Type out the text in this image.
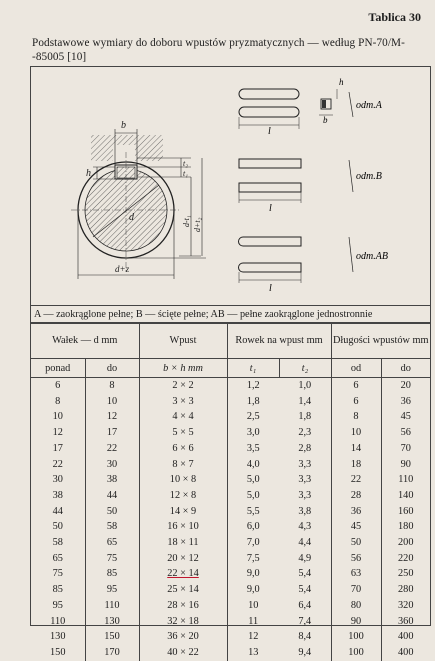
Tablica 30
Podstawowe wymiary do doboru wpustów pryzmatycznych — według PN-70/M--85005 [10]
b
t₂
t₁
h
d	d-t₁ d+t₂
d+z
l
h
b
odm.A
l
odm.B
l
odm.AB
A — zaokrąglone pełne; B — ścięte pełne; AB — pełne zaokrąglone jednostronnie
Wałek — d mm		Wpust	Rowek na wpust mm		Długości wpustów mm	
ponad	do	b × h mm	t₁	t₂	od	do
6	8	2 × 2	1,2	1,0	6	20
8	10	3 × 3	1,8	1,4	6	36
10	12	4 × 4	2,5	1,8	8	45
12	17	5 × 5	3,0	2,3	10	56
17	22	6 × 6	3,5	2,8	14	70
22	30	8 × 7	4,0	3,3	18	90
30	38	10 × 8	5,0	3,3	22	110
38	44	12 × 8	5,0	3,3	28	140
44	50	14 × 9	5,5	3,8	36	160
50	58	16 × 10	6,0	4,3	45	180
58	65	18 × 11	7,0	4,4	50	200
65	75	20 × 12	7,5	4,9	56	220
75	85	22 × 14	9,0	5,4	63	250
85	95	25 × 14	9,0	5,4	70	280
95	110	28 × 16	10	6,4	80	320
110	130	32 × 18	11	7,4	90	360
130	150	36 × 20	12	8,4	100	400
150	170	40 × 22	13	9,4	100	400
